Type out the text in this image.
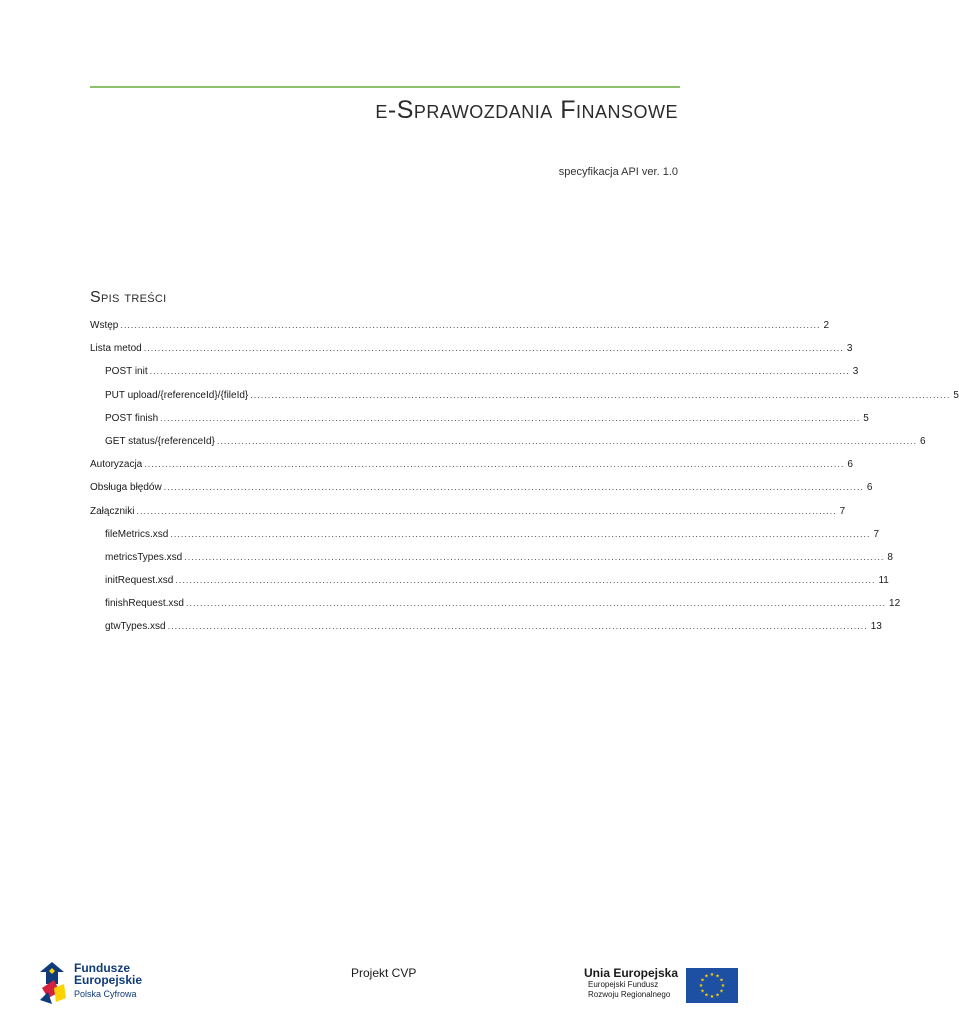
e-Sprawozdania Finansowe
specyfikacja API ver. 1.0
Spis treści
Wstęp ........................................................................................................................................................................................................ 2
Lista metod ........................................................................................................................................................................................................ 3
POST init ........................................................................................................................................................................................................ 3
PUT upload/{referenceId}/{fileId} ........................................................................................................................................................................................................ 5
POST finish ........................................................................................................................................................................................................ 5
GET status/{referenceId} ........................................................................................................................................................................................................ 6
Autoryzacja ........................................................................................................................................................................................................ 6
Obsługa błędów ........................................................................................................................................................................................................ 6
Załączniki ........................................................................................................................................................................................................ 7
fileMetrics.xsd ........................................................................................................................................................................................................ 7
metricsTypes.xsd ........................................................................................................................................................................................................ 8
initRequest.xsd ........................................................................................................................................................................................................ 11
finishRequest.xsd ........................................................................................................................................................................................................ 12
gtwTypes.xsd ........................................................................................................................................................................................................ 13
Fundusze
Europejskie
Polska Cyfrowa
Projekt CVP	Unia Europejska
Europejski Fundusz
Rozwoju Regionalnego
★
★
★
★
★
★
★
★
★ ★ ★
★
